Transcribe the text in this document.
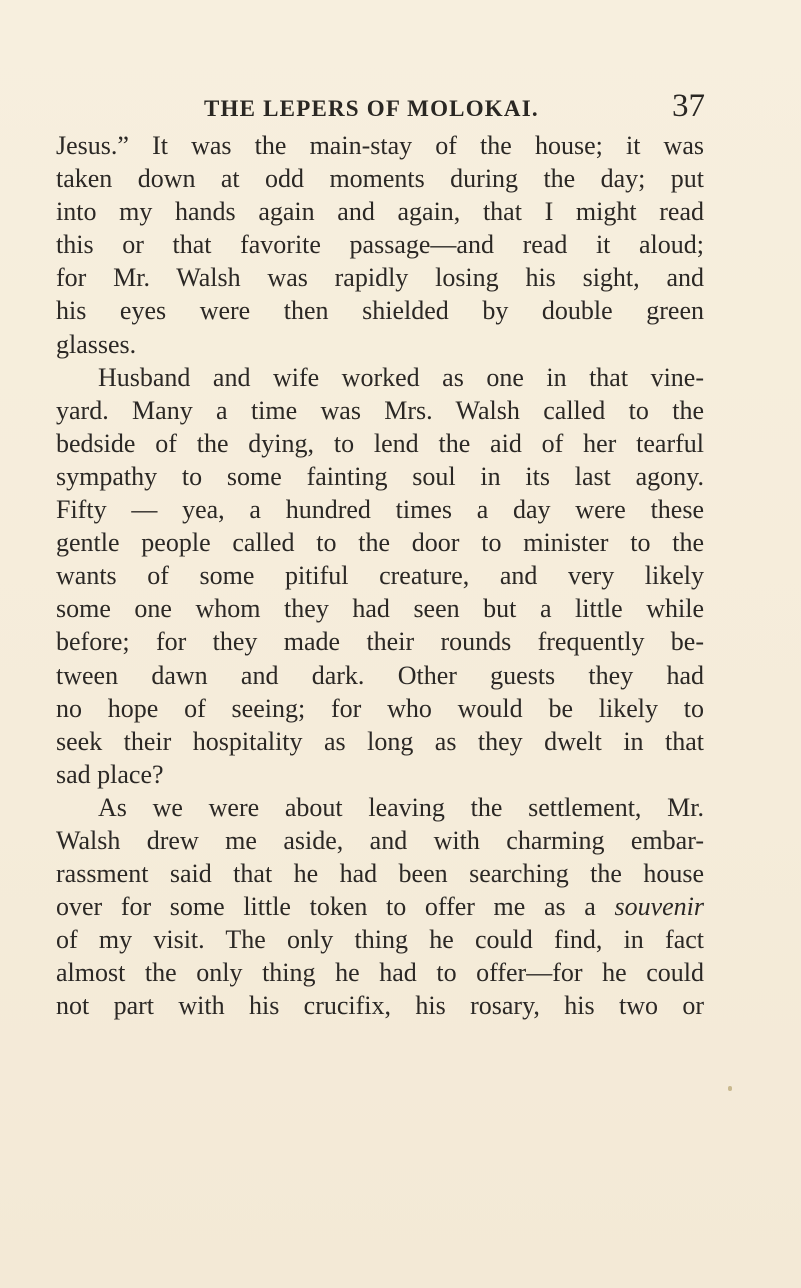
THE LEPERS OF MOLOKAI.	37
Jesus.” It was the main-stay of the house; it was
taken down at odd moments during the day; put
into my hands again and again, that I might read
this or that favorite passage—and read it aloud;
for Mr. Walsh was rapidly losing his sight, and
his eyes were then shielded by double green
glasses.
Husband and wife worked as one in that vine-
yard. Many a time was Mrs. Walsh called to the
bedside of the dying, to lend the aid of her tearful
sympathy to some fainting soul in its last agony.
Fifty — yea, a hundred times a day were these
gentle people called to the door to minister to the
wants of some pitiful creature, and very likely
some one whom they had seen but a little while
before; for they made their rounds frequently be-
tween dawn and dark. Other guests they had
no hope of seeing; for who would be likely to
seek their hospitality as long as they dwelt in that
sad place?
As we were about leaving the settlement, Mr.
Walsh drew me aside, and with charming embar-
rassment said that he had been searching the house
over for some little token to offer me as a souvenir
of my visit. The only thing he could find, in fact
almost the only thing he had to offer—for he could
not part with his crucifix, his rosary, his two or
